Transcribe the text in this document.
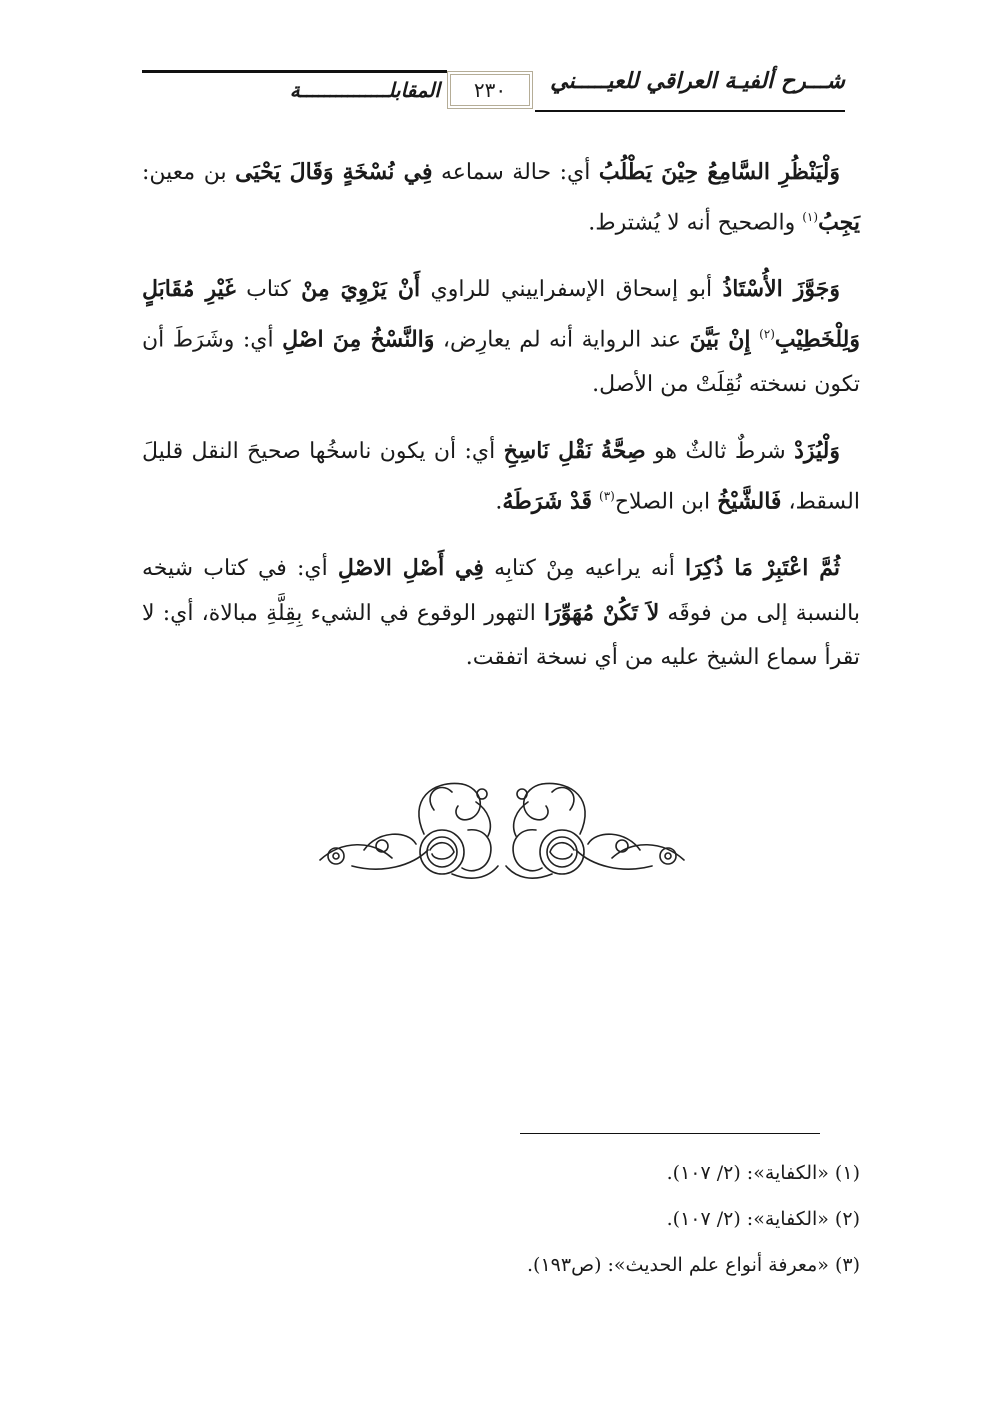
شـــرح ألفيـة العراقي للعيـــــني
٢٣٠
المقابلـــــــــــــــة

وَلْيَنْظُرِ السَّامِعُ حِيْنَ يَطْلُبُ أي: حالة سماعه فِي نُسْخَةٍ وَقَالَ يَحْيَى بن معين: يَجِبُ$^{(١)}$ والصحيح أنه لا يُشترط.

وَجَوَّزَ الأُسْتَاذُ أبو إسحاق الإسفراييني للراوي أَنْ يَرْوِيَ مِنْ كتاب غَيْرِ مُقَابَلٍ وَلِلْخَطِيْبِ$^{(٢)}$ إِنْ بَيَّنَ عند الرواية أنه لم يعارِض، وَالنَّسْخُ مِنَ اصْلِ أي: وشَرَطَ أن تكون نسخته نُقِلَتْ من الأصل.

وَلْيُزَدْ شرطٌ ثالثٌ هو صِحَّةُ نَقْلِ نَاسِخِ أي: أن يكون ناسخُها صحيحَ النقل قليلَ السقط، فَالشَّيْخُ ابن الصلاح$^{(٣)}$ قَدْ شَرَطَهُ.

ثُمَّ اعْتَبِرْ مَا ذُكِرَا أنه يراعيه مِنْ كتابِه فِي أَصْلِ الاصْلِ أي: في كتاب شيخه بالنسبة إلى من فوقَه لاَ تَكُنْ مُهَوِّرَا التهور الوقوع في الشيء بِقِلَّةِ مبالاة، أي: لا تقرأ سماع الشيخ عليه من أي نسخة اتفقت.

(١) «الكفاية»: (٢/ ١٠٧).

(٢) «الكفاية»: (٢/ ١٠٧).

(٣) «معرفة أنواع علم الحديث»: (ص١٩٣).
